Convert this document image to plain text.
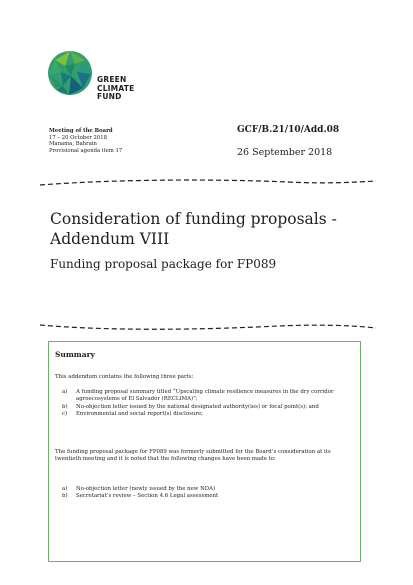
GREEN
CLIMATE
FUND
Meeting of the Board
17 – 20 October 2018
Manama, Bahrain
Provisional agenda item 17
GCF/B.21/10/Add.08
26 September 2018
Consideration of funding proposals -
Addendum VIII
Funding proposal package for FP089
Summary
This addendum contains the following three parts:
a) A funding proposal summary titled “Upscaling climate resilience measures in the dry corridor agroecosystems of El Salvador (RECLIMA)”;
b) No-objection letter issued by the national designated authority(ies) or focal point(s); and
c) Environmental and social report(s) disclosure;
The funding proposal package for FP089 was formerly submitted for the Board’s consideration at its twentieth meeting and it is noted that the following changes have been made to:
a) No-objection letter (newly issued by the new NDA)
b) Secretariat’s review – Section 4.6 Legal assessment
